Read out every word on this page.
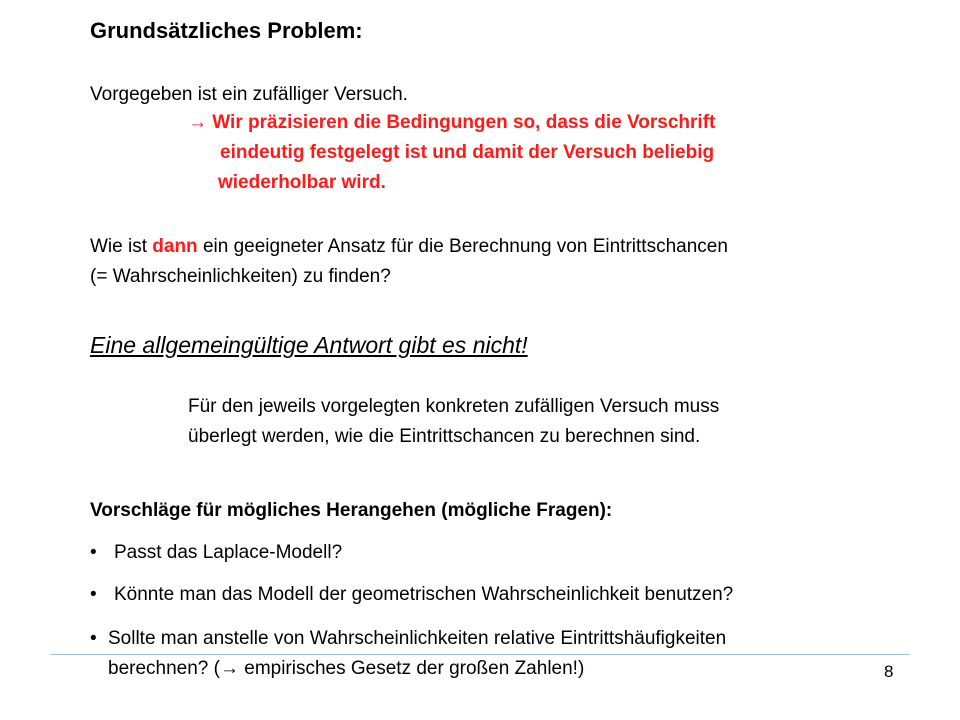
Grundsätzliches Problem:
Vorgegeben ist ein zufälliger Versuch.
→ Wir präzisieren die Bedingungen so, dass die Vorschrift
eindeutig festgelegt ist und damit der Versuch beliebig
wiederholbar wird.
Wie ist dann ein geeigneter Ansatz für die Berechnung von Eintrittschancen
(= Wahrscheinlichkeiten) zu finden?
Eine allgemeingültige Antwort gibt es nicht!
Für den jeweils vorgelegten konkreten zufälligen Versuch muss
überlegt werden, wie die Eintrittschancen zu berechnen sind.
Vorschläge für mögliches Herangehen (mögliche Fragen):
• Passt das Laplace-Modell?
• Könnte man das Modell der geometrischen Wahrscheinlichkeit benutzen?
• Sollte man anstelle von Wahrscheinlichkeiten relative Eintrittshäufigkeiten
berechnen? (→ empirisches Gesetz der großen Zahlen!)	8
